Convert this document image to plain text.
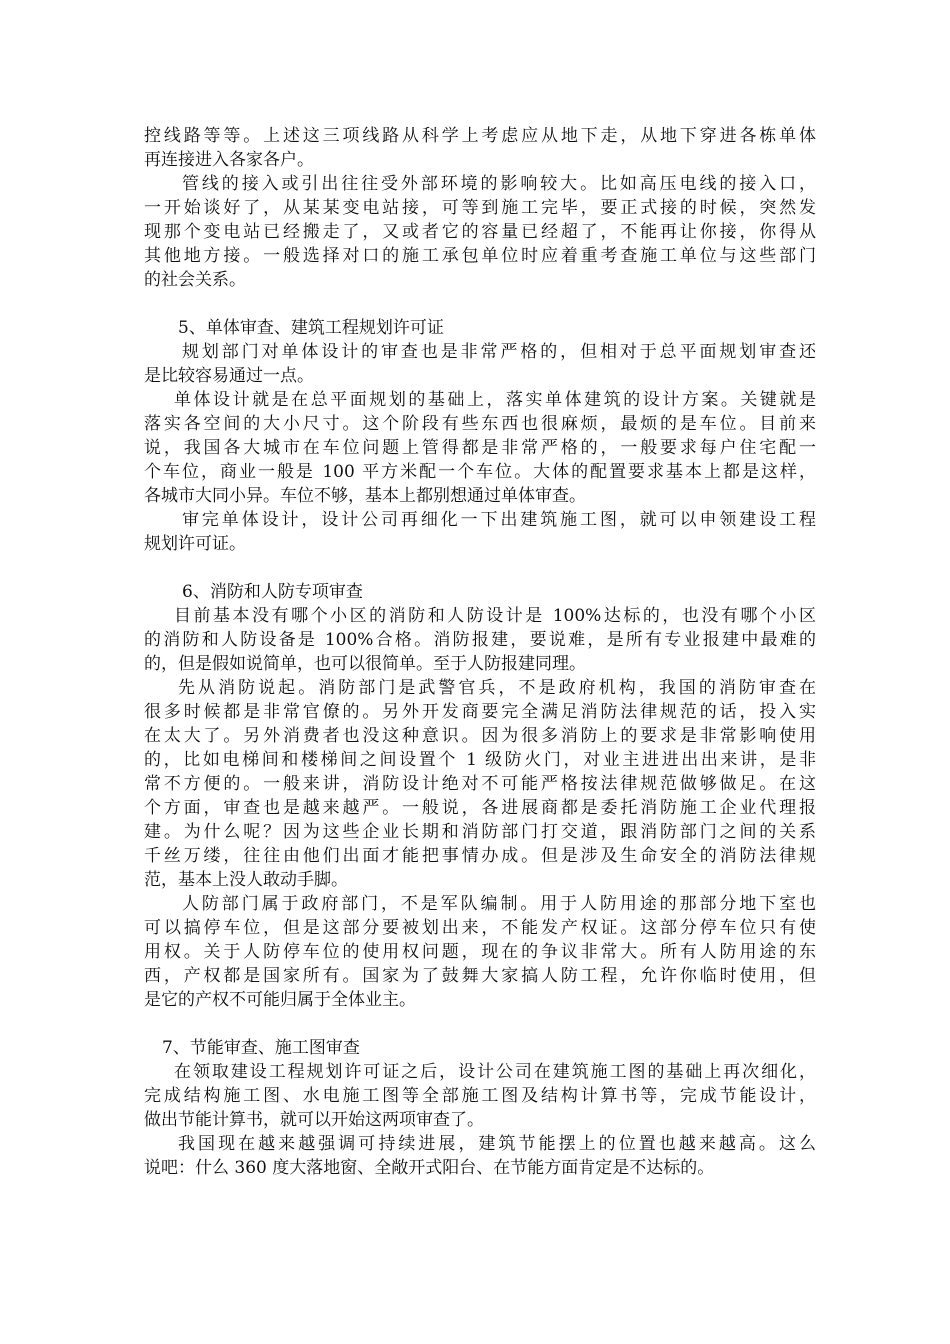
控线路等等。上述这三项线路从科学上考虑应从地下走，从地下穿进各栋单体
再连接进入各家各户。
管线的接入或引出往往受外部环境的影响较大。比如高压电线的接入口，
一开始谈好了，从某某变电站接，可等到施工完毕，要正式接的时候，突然发
现那个变电站已经搬走了，又或者它的容量已经超了，不能再让你接，你得从
其他地方接。一般选择对口的施工承包单位时应着重考查施工单位与这些部门
的社会关系。
5、单体审查、建筑工程规划许可证
规划部门对单体设计的审查也是非常严格的，但相对于总平面规划审查还
是比较容易通过一点。
单体设计就是在总平面规划的基础上，落实单体建筑的设计方案。关键就是
落实各空间的大小尺寸。这个阶段有些东西也很麻烦，最烦的是车位。目前来
说，我国各大城市在车位问题上管得都是非常严格的，一般要求每户住宅配一
个车位，商业一般是 100 平方米配一个车位。大体的配置要求基本上都是这样，
各城市大同小异。车位不够，基本上都别想通过单体审查。
审完单体设计，设计公司再细化一下出建筑施工图，就可以申领建设工程
规划许可证。
6、消防和人防专项审查
目前基本没有哪个小区的消防和人防设计是 100%达标的，也没有哪个小区
的消防和人防设备是 100%合格。消防报建，要说难，是所有专业报建中最难的
的，但是假如说简单，也可以很简单。至于人防报建同理。
先从消防说起。消防部门是武警官兵，不是政府机构，我国的消防审查在
很多时候都是非常官僚的。另外开发商要完全满足消防法律规范的话，投入实
在太大了。另外消费者也没这种意识。因为很多消防上的要求是非常影响使用
的，比如电梯间和楼梯间之间设置个 1 级防火门，对业主进进出出来讲，是非
常不方便的。一般来讲，消防设计绝对不可能严格按法律规范做够做足。在这
个方面，审查也是越来越严。一般说，各进展商都是委托消防施工企业代理报
建。为什么呢？因为这些企业长期和消防部门打交道，跟消防部门之间的关系
千丝万缕，往往由他们出面才能把事情办成。但是涉及生命安全的消防法律规
范，基本上没人敢动手脚。
人防部门属于政府部门，不是军队编制。用于人防用途的那部分地下室也
可以搞停车位，但是这部分要被划出来，不能发产权证。这部分停车位只有使
用权。关于人防停车位的使用权问题，现在的争议非常大。所有人防用途的东
西，产权都是国家所有。国家为了鼓舞大家搞人防工程，允许你临时使用，但
是它的产权不可能归属于全体业主。
7、节能审查、施工图审查
在领取建设工程规划许可证之后，设计公司在建筑施工图的基础上再次细化，
完成结构施工图、水电施工图等全部施工图及结构计算书等，完成节能设计，
做出节能计算书，就可以开始这两项审查了。
我国现在越来越强调可持续进展，建筑节能摆上的位置也越来越高。这么
说吧：什么 360 度大落地窗、全敞开式阳台、在节能方面肯定是不达标的。
